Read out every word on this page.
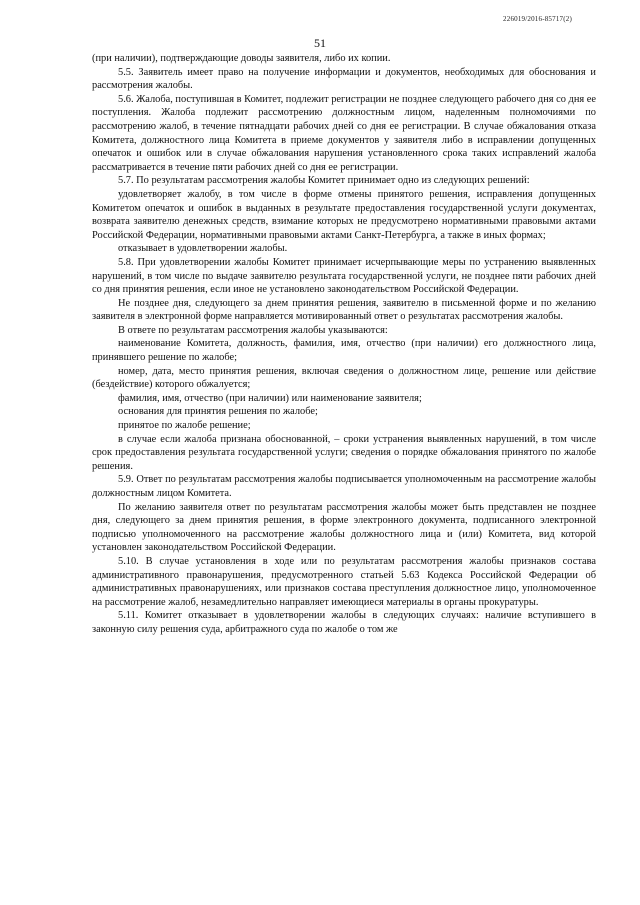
226019/2016-85717(2)
51

(при наличии), подтверждающие доводы заявителя, либо их копии.

5.5. Заявитель имеет право на получение информации и документов, необходимых для обоснования и рассмотрения жалобы.

5.6. Жалоба, поступившая в Комитет, подлежит регистрации не позднее следующего рабочего дня со дня ее поступления. Жалоба подлежит рассмотрению должностным лицом, наделенным полномочиями по рассмотрению жалоб, в течение пятнадцати рабочих дней со дня ее регистрации. В случае обжалования отказа Комитета, должностного лица Комитета в приеме документов у заявителя либо в исправлении допущенных опечаток и ошибок или в случае обжалования нарушения установленного срока таких исправлений жалоба рассматривается в течение пяти рабочих дней со дня ее регистрации.

5.7. По результатам рассмотрения жалобы Комитет принимает одно из следующих решений:

удовлетворяет жалобу, в том числе в форме отмены принятого решения, исправления допущенных Комитетом опечаток и ошибок в выданных в результате предоставления государственной услуги документах, возврата заявителю денежных средств, взимание которых не предусмотрено нормативными правовыми актами Российской Федерации, нормативными правовыми актами Санкт-Петербурга, а также в иных формах;

отказывает в удовлетворении жалобы.

5.8. При удовлетворении жалобы Комитет принимает исчерпывающие меры по устранению выявленных нарушений, в том числе по выдаче заявителю результата государственной услуги, не позднее пяти рабочих дней со дня принятия решения, если иное не установлено законодательством Российской Федерации.

Не позднее дня, следующего за днем принятия решения, заявителю в письменной форме и по желанию заявителя в электронной форме направляется мотивированный ответ о результатах рассмотрения жалобы.

В ответе по результатам рассмотрения жалобы указываются:

наименование Комитета, должность, фамилия, имя, отчество (при наличии) его должностного лица, принявшего решение по жалобе;

номер, дата, место принятия решения, включая сведения о должностном лице, решение или действие (бездействие) которого обжалуется;

фамилия, имя, отчество (при наличии) или наименование заявителя;

основания для принятия решения по жалобе;

принятое по жалобе решение;

в случае если жалоба признана обоснованной, – сроки устранения выявленных нарушений, в том числе срок предоставления результата государственной услуги; сведения о порядке обжалования принятого по жалобе решения.

5.9. Ответ по результатам рассмотрения жалобы подписывается уполномоченным на рассмотрение жалобы должностным лицом Комитета.

По желанию заявителя ответ по результатам рассмотрения жалобы может быть представлен не позднее дня, следующего за днем принятия решения, в форме электронного документа, подписанного электронной подписью уполномоченного на рассмотрение жалобы должностного лица и (или) Комитета, вид которой установлен законодательством Российской Федерации.

5.10. В случае установления в ходе или по результатам рассмотрения жалобы признаков состава административного правонарушения, предусмотренного статьей 5.63 Кодекса Российской Федерации об административных правонарушениях, или признаков состава преступления должностное лицо, уполномоченное на рассмотрение жалоб, незамедлительно направляет имеющиеся материалы в органы прокуратуры.

5.11. Комитет отказывает в удовлетворении жалобы в следующих случаях: наличие вступившего в законную силу решения суда, арбитражного суда по жалобе о том же
